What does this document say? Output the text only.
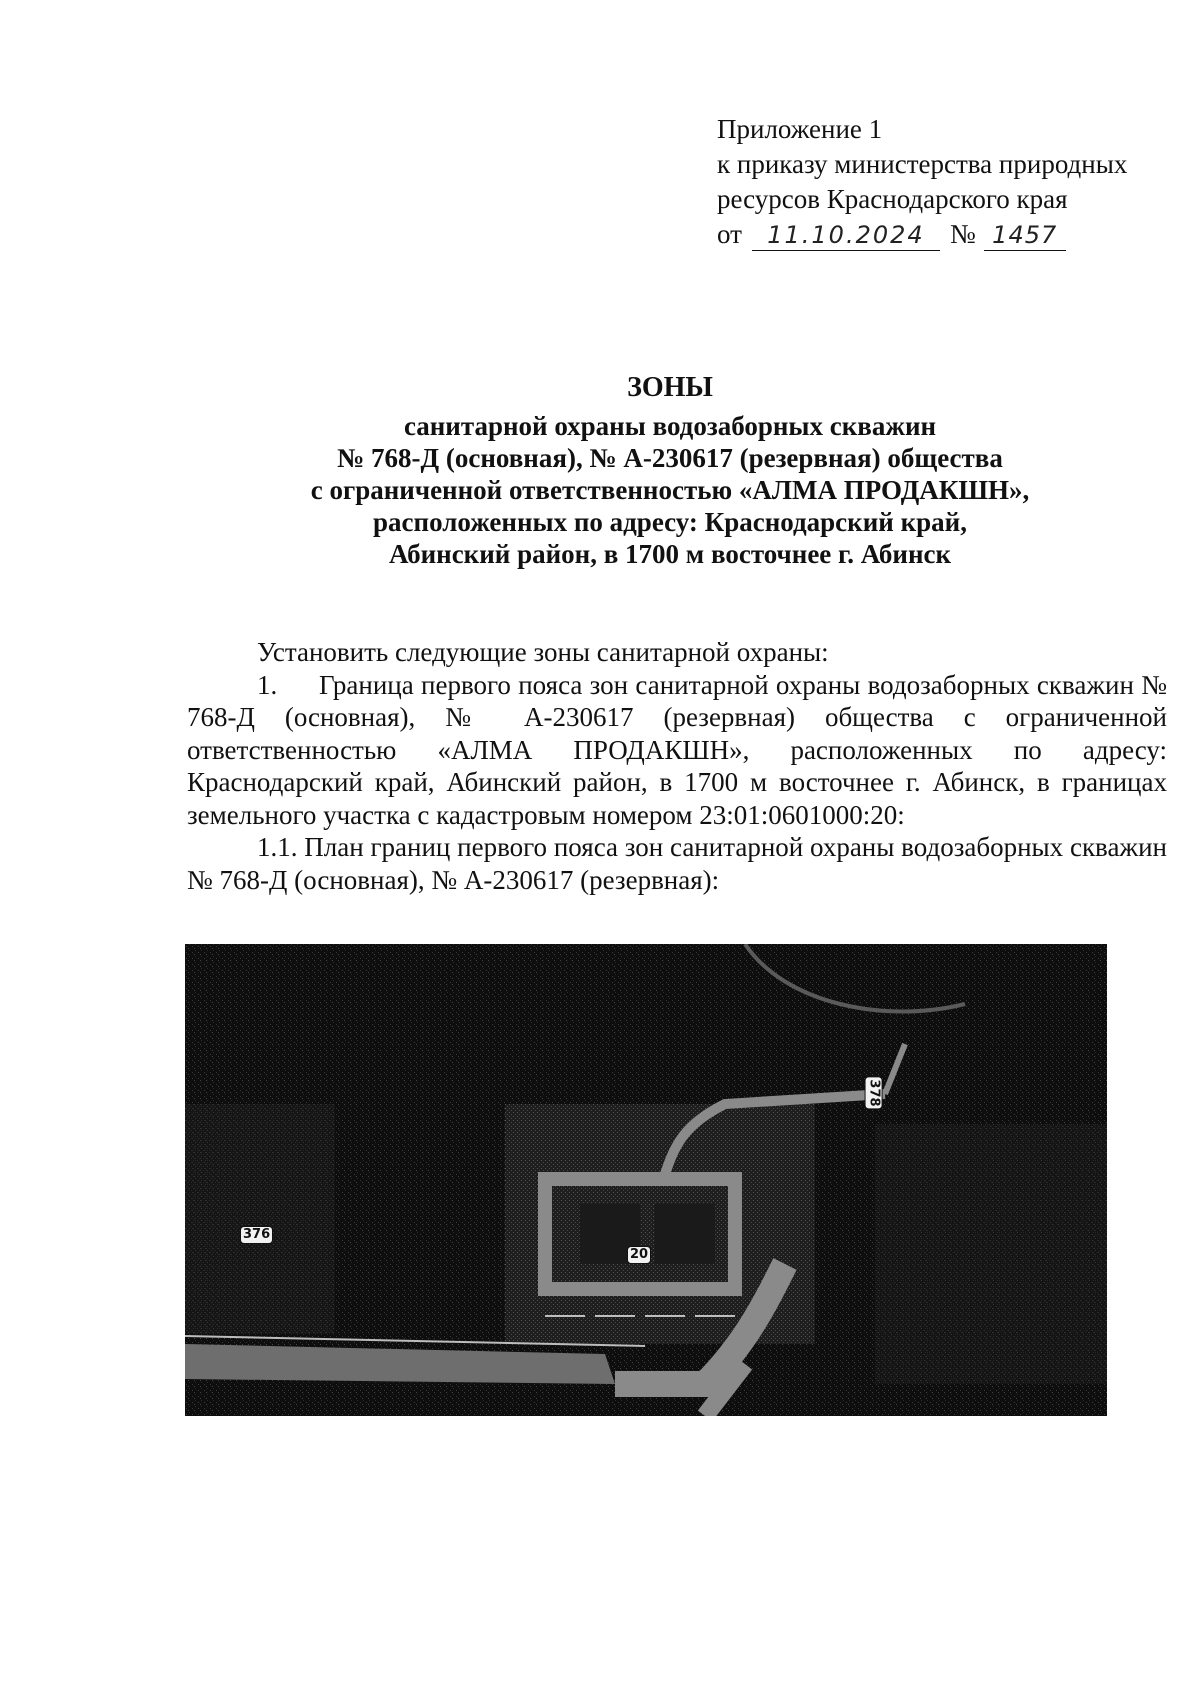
Приложение 1
к приказу министерства природных
ресурсов Краснодарского края
от 11.10.2024 № 1457
ЗОНЫ
санитарной охраны водозаборных скважин
№ 768-Д (основная), № А-230617 (резервная) общества
с ограниченной ответственностью «АЛМА ПРОДАКШН»,
расположенных по адресу: Краснодарский край,
Абинский район, в 1700 м восточнее г. Абинск

Установить следующие зоны санитарной охраны:

1. Граница первого пояса зон санитарной охраны водозаборных скважин № 768-Д (основная), № А-230617 (резервная) общества с ограниченной ответственностью «АЛМА ПРОДАКШН», расположенных по адресу: Краснодарский край, Абинский район, в 1700 м восточнее г. Абинск, в границах земельного участка с кадастровым номером 23:01:0601000:20:

1.1. План границ первого пояса зон санитарной охраны водозаборных скважин № 768-Д (основная), № А-230617 (резервная):

376
20
378
